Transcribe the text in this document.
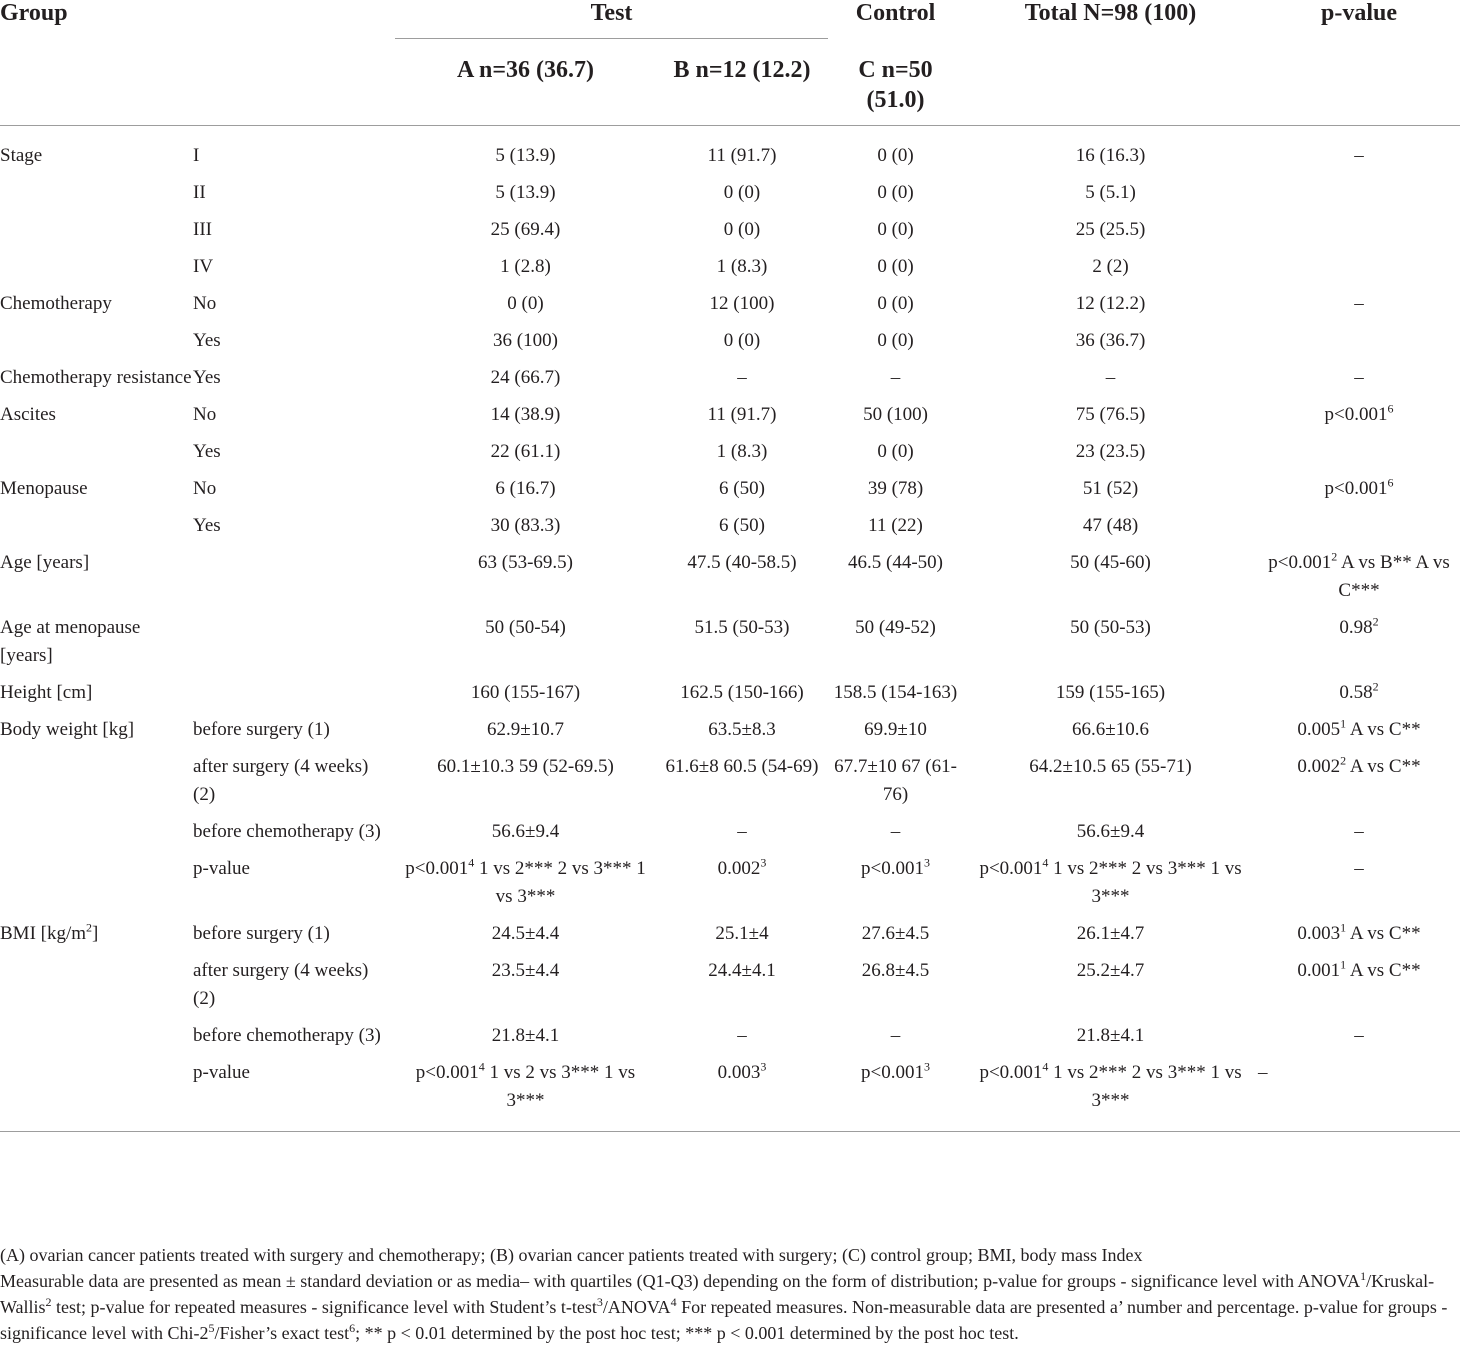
Group		Test		Control	Total N=98 (100)	p-value
		A n=36 (36.7)	B n=12 (12.2)	C n=50 (51.0)		
Stage	I	5 (13.9)	11 (91.7)	0 (0)	16 (16.3)	–
	II	5 (13.9)	0 (0)	0 (0)	5 (5.1)	
	III	25 (69.4)	0 (0)	0 (0)	25 (25.5)	
	IV	1 (2.8)	1 (8.3)	0 (0)	2 (2)	
Chemotherapy	No	0 (0)	12 (100)	0 (0)	12 (12.2)	–
	Yes	36 (100)	0 (0)	0 (0)	36 (36.7)	
Chemotherapy resistance	Yes	24 (66.7)	–	–	–	–
Ascites	No	14 (38.9)	11 (91.7)	50 (100)	75 (76.5)	$p<0.001^6$
	Yes	22 (61.1)	1 (8.3)	0 (0)	23 (23.5)	
Menopause	No	6 (16.7)	6 (50)	39 (78)	51 (52)	$p<0.001^6$
	Yes	30 (83.3)	6 (50)	11 (22)	47 (48)	
Age [years]		63 (53-69.5)	47.5 (40-58.5)	46.5 (44-50)	50 (45-60)	$p<0.001^2$ A vs B** A vs C***
Age at menopause [years]		50 (50-54)	51.5 (50-53)	50 (49-52)	50 (50-53)	0.98$^2$
Height [cm]		160 (155-167)	162.5 (150-166)	158.5 (154-163)	159 (155-165)	0.58$^2$
Body weight [kg]	before surgery (1)	62.9±10.7	63.5±8.3	69.9±10	66.6±10.6	0.005$^1$ A vs C**
	after surgery (4 weeks) (2)	60.1±10.3 59 (52-69.5)	61.6±8 60.5 (54-69)	67.7±10 67 (61-76)	64.2±10.5 65 (55-71)	0.002$^2$ A vs C**
	before chemotherapy (3)	56.6±9.4	–	–	56.6±9.4	–
	p-value	$p<0.001^4$ 1 vs 2*** 2 vs 3*** 1 vs 3***	0.002$^3$	$p<0.001^3$	$p<0.001^4$ 1 vs 2*** 2 vs 3*** 1 vs 3***	–
BMI $[kg/m^2]$	before surgery (1)	24.5±4.4	25.1±4	27.6±4.5	26.1±4.7	0.003$^1$ A vs C**
	after surgery (4 weeks) (2)	23.5±4.4	24.4±4.1	26.8±4.5	25.2±4.7	0.001$^1$ A vs C**
	before chemotherapy (3)	21.8±4.1	–	–	21.8±4.1	–
	p-value	$p<0.001^4$ 1 vs 2 vs 3*** 1 vs 3***	0.003$^3$	$p<0.001^3$	$p<0.001^4$ 1 vs 2*** 2 vs 3*** 1 vs 3***	–

(A) ovarian cancer patients treated with surgery and chemotherapy; (B) ovarian cancer patients treated with surgery; (C) control group; BMI, body mass Index

Measurable data are presented as mean ± standard deviation or as media– with quartiles (Q1-Q3) depending on the form of distribution; p-value for groups - significance level with ANOVA$^1$/Kruskal-Wallis$^2$ test; p-value for repeated measures - significance level with Student’s t-test$^3$/ANOVA$^4$ For repeated measures. Non-measurable data are presented a’ number and percentage. p-value for groups - significance level with Chi-$2^5/Fisher’s$ exact test$^6$; ** p < 0.01 determined by the post hoc test; *** p < 0.001 determined by the post hoc test.
